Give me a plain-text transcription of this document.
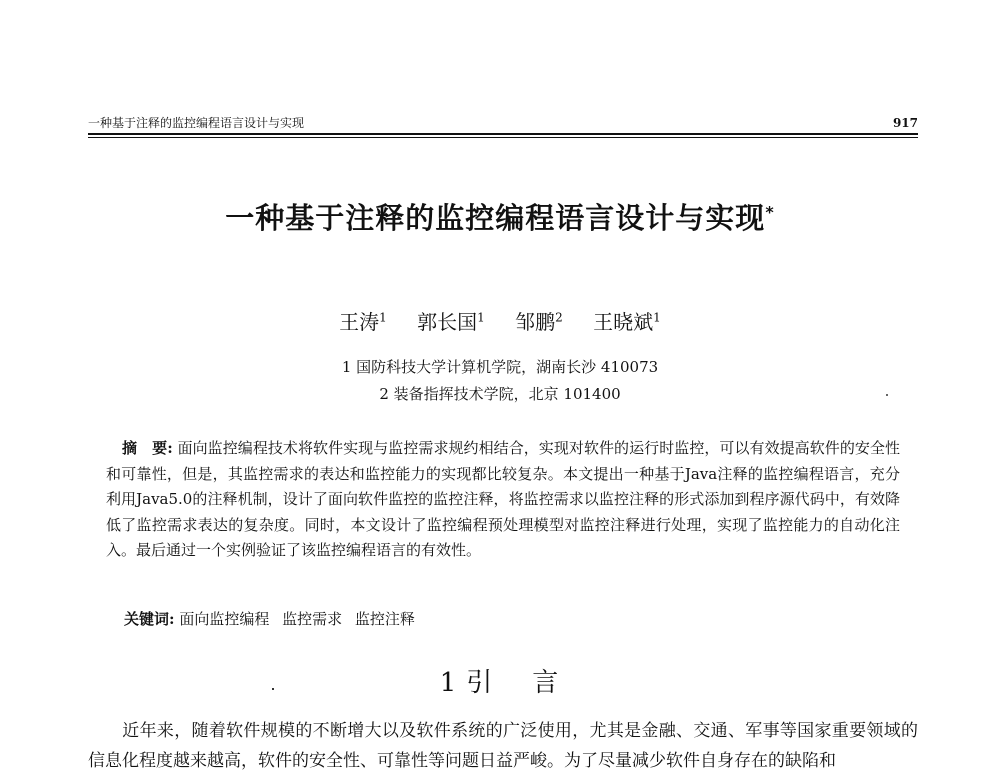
一种基于注释的监控编程语言设计与实现	917
一种基于注释的监控编程语言设计与实现*
王涛$^1$ 郭长国$^1$ 邹鹏$^2$ 王晓斌$^1$
1 国防科技大学计算机学院，湖南长沙 410073
2 装备指挥技术学院，北京 101400
摘　要: 面向监控编程技术将软件实现与监控需求规约相结合，实现对软件的运行时监控，可以有效提高软件的安全性和可靠性，但是，其监控需求的表达和监控能力的实现都比较复杂。本文提出一种基于Java注释的监控编程语言，充分利用Java5.0的注释机制，设计了面向软件监控的监控注释，将监控需求以监控注释的形式添加到程序源代码中，有效降低了监控需求表达的复杂度。同时，本文设计了监控编程预处理模型对监控注释进行处理，实现了监控能力的自动化注入。最后通过一个实例验证了该监控编程语言的有效性。
关键词: 面向监控编程 监控需求 监控注释
1 引 言
近年来，随着软件规模的不断增大以及软件系统的广泛使用，尤其是金融、交通、军事等国家重要领域的信息化程度越来越高，软件的安全性、可靠性等问题日益严峻。为了尽量减少软件自身存在的缺陷和
